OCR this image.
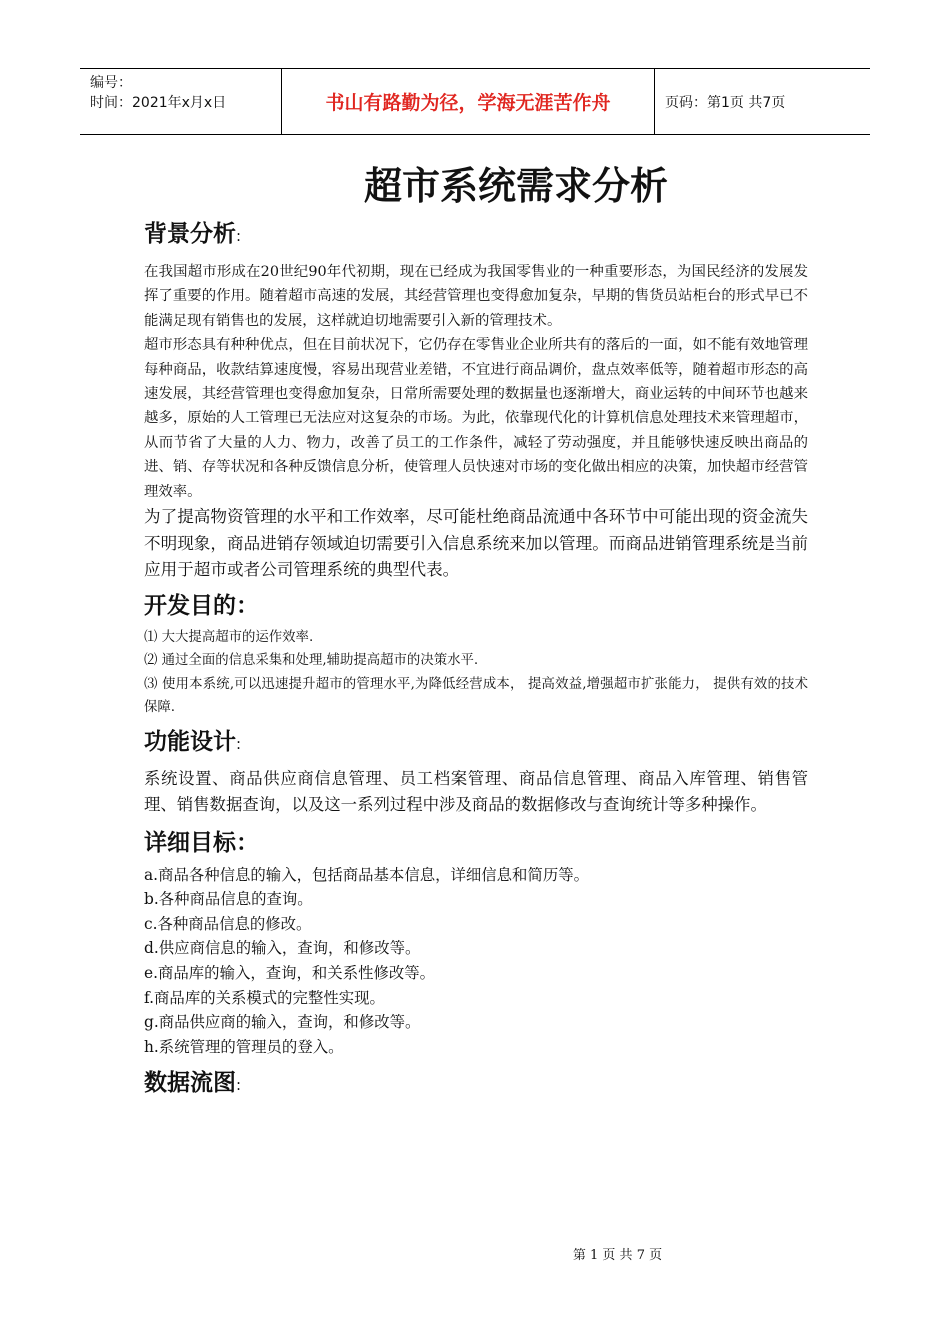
编号：
时间：2021年x月x日	书山有路勤为径，学海无涯苦作舟	页码：第1页 共7页
超市系统需求分析
背景分析:

在我国超市形成在20世纪90年代初期，现在已经成为我国零售业的一种重要形态，为国民经济的发展发挥了重要的作用。随着超市高速的发展，其经营管理也变得愈加复杂，早期的售货员站柜台的形式早已不能满足现有销售也的发展，这样就迫切地需要引入新的管理技术。

超市形态具有种种优点，但在目前状况下，它仍存在零售业企业所共有的落后的一面，如不能有效地管理每种商品，收款结算速度慢，容易出现营业差错，不宜进行商品调价，盘点效率低等，随着超市形态的高速发展，其经营管理也变得愈加复杂，日常所需要处理的数据量也逐渐增大，商业运转的中间环节也越来越多，原始的人工管理已无法应对这复杂的市场。为此，依靠现代化的计算机信息处理技术来管理超市，从而节省了大量的人力、物力，改善了员工的工作条件，减轻了劳动强度，并且能够快速反映出商品的进、销、存等状况和各种反馈信息分析，使管理人员快速对市场的变化做出相应的决策，加快超市经营管理效率。

为了提高物资管理的水平和工作效率，尽可能杜绝商品流通中各环节中可能出现的资金流失不明现象，商品进销存领域迫切需要引入信息系统来加以管理。而商品进销管理系统是当前应用于超市或者公司管理系统的典型代表。

开发目的：

⑴ 大大提高超市的运作效率.

⑵ 通过全面的信息采集和处理,辅助提高超市的决策水平.

⑶ 使用本系统,可以迅速提升超市的管理水平,为降低经营成本， 提高效益,增强超市扩张能力， 提供有效的技术保障.

功能设计:

系统设置、商品供应商信息管理、员工档案管理、商品信息管理、商品入库管理、销售管理、销售数据查询，以及这一系列过程中涉及商品的数据修改与查询统计等多种操作。

详细目标：

a.商品各种信息的输入，包括商品基本信息，详细信息和简历等。

b.各种商品信息的查询。

c.各种商品信息的修改。

d.供应商信息的输入，查询，和修改等。

e.商品库的输入，查询，和关系性修改等。

f.商品库的关系模式的完整性实现。

g.商品供应商的输入，查询，和修改等。

h.系统管理的管理员的登入。

数据流图:
第 1 页 共 7 页
